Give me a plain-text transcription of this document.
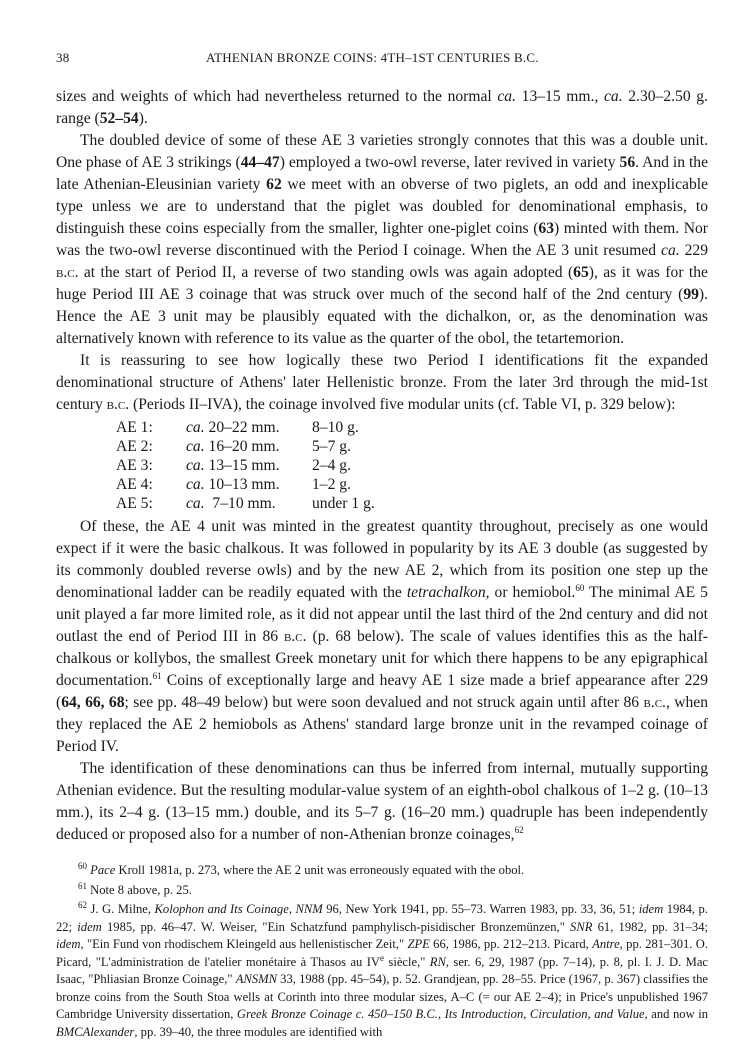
38	ATHENIAN BRONZE COINS: 4TH–1ST CENTURIES B.C.

sizes and weights of which had nevertheless returned to the normal ca. 13–15 mm., ca. 2.30–2.50 g. range (52–54).

The doubled device of some of these AE 3 varieties strongly connotes that this was a double unit. One phase of AE 3 strikings (44–47) employed a two-owl reverse, later revived in variety 56. And in the late Athenian-Eleusinian variety 62 we meet with an obverse of two piglets, an odd and inexplicable type unless we are to understand that the piglet was doubled for denominational emphasis, to distinguish these coins especially from the smaller, lighter one-piglet coins (63) minted with them. Nor was the two-owl reverse discontinued with the Period I coinage. When the AE 3 unit resumed ca. 229 b.c. at the start of Period II, a reverse of two standing owls was again adopted (65), as it was for the huge Period III AE 3 coinage that was struck over much of the second half of the 2nd century (99). Hence the AE 3 unit may be plausibly equated with the dichalkon, or, as the denomination was alternatively known with reference to its value as the quarter of the obol, the tetartemorion.

It is reassuring to see how logically these two Period I identifications fit the expanded denominational structure of Athens' later Hellenistic bronze. From the later 3rd through the mid-1st century b.c. (Periods II–IVA), the coinage involved five modular units (cf. Table VI, p. 329 below):

AE 1:	ca. 20–22 mm.	8–10 g.
AE 2:	ca. 16–20 mm.	5–7 g.
AE 3:	ca. 13–15 mm.	2–4 g.
AE 4:	ca. 10–13 mm.	1–2 g.
AE 5:	ca.  7–10 mm.	under 1 g.

Of these, the AE 4 unit was minted in the greatest quantity throughout, precisely as one would expect if it were the basic chalkous. It was followed in popularity by its AE 3 double (as suggested by its commonly doubled reverse owls) and by the new AE 2, which from its position one step up the denominational ladder can be readily equated with the tetrachalkon, or hemiobol.$^{60}$ The minimal AE 5 unit played a far more limited role, as it did not appear until the last third of the 2nd century and did not outlast the end of Period III in 86 b.c. (p. 68 below). The scale of values identifies this as the half-chalkous or kollybos, the smallest Greek monetary unit for which there happens to be any epigraphical documentation.$^{61}$ Coins of exceptionally large and heavy AE 1 size made a brief appearance after 229 (64, 66, 68; see pp. 48–49 below) but were soon devalued and not struck again until after 86 b.c., when they replaced the AE 2 hemiobols as Athens' standard large bronze unit in the revamped coinage of Period IV.

The identification of these denominations can thus be inferred from internal, mutually supporting Athenian evidence. But the resulting modular-value system of an eighth-obol chalkous of 1–2 g. (10–13 mm.), its 2–4 g. (13–15 mm.) double, and its 5–7 g. (16–20 mm.) quadruple has been independently deduced or proposed also for a number of non-Athenian bronze coinages,$^{62}$

$^{60}$ Pace Kroll 1981a, p. 273, where the AE 2 unit was erroneously equated with the obol.

$^{61}$ Note 8 above, p. 25.

$^{62}$ J. G. Milne, Kolophon and Its Coinage, NNM 96, New York 1941, pp. 55–73. Warren 1983, pp. 33, 36, 51; idem 1984, p. 22; idem 1985, pp. 46–47. W. Weiser, "Ein Schatzfund pamphylisch-pisidischer Bronzemünzen," SNR 61, 1982, pp. 31–34; idem, "Ein Fund von rhodischem Kleingeld aus hellenistischer Zeit," ZPE 66, 1986, pp. 212–213. Picard, Antre, pp. 281–301. O. Picard, "L'administration de l'atelier monétaire à Thasos au IVe siècle," RN, ser. 6, 29, 1987 (pp. 7–14), p. 8, pl. I. J. D. Mac Isaac, "Phliasian Bronze Coinage," ANSMN 33, 1988 (pp. 45–54), p. 52. Grandjean, pp. 28–55. Price (1967, p. 367) classifies the bronze coins from the South Stoa wells at Corinth into three modular sizes, A–C (= our AE 2–4); in Price's unpublished 1967 Cambridge University dissertation, Greek Bronze Coinage c. 450–150 B.C., Its Introduction, Circulation, and Value, and now in BMCAlexander, pp. 39–40, the three modules are identified with
